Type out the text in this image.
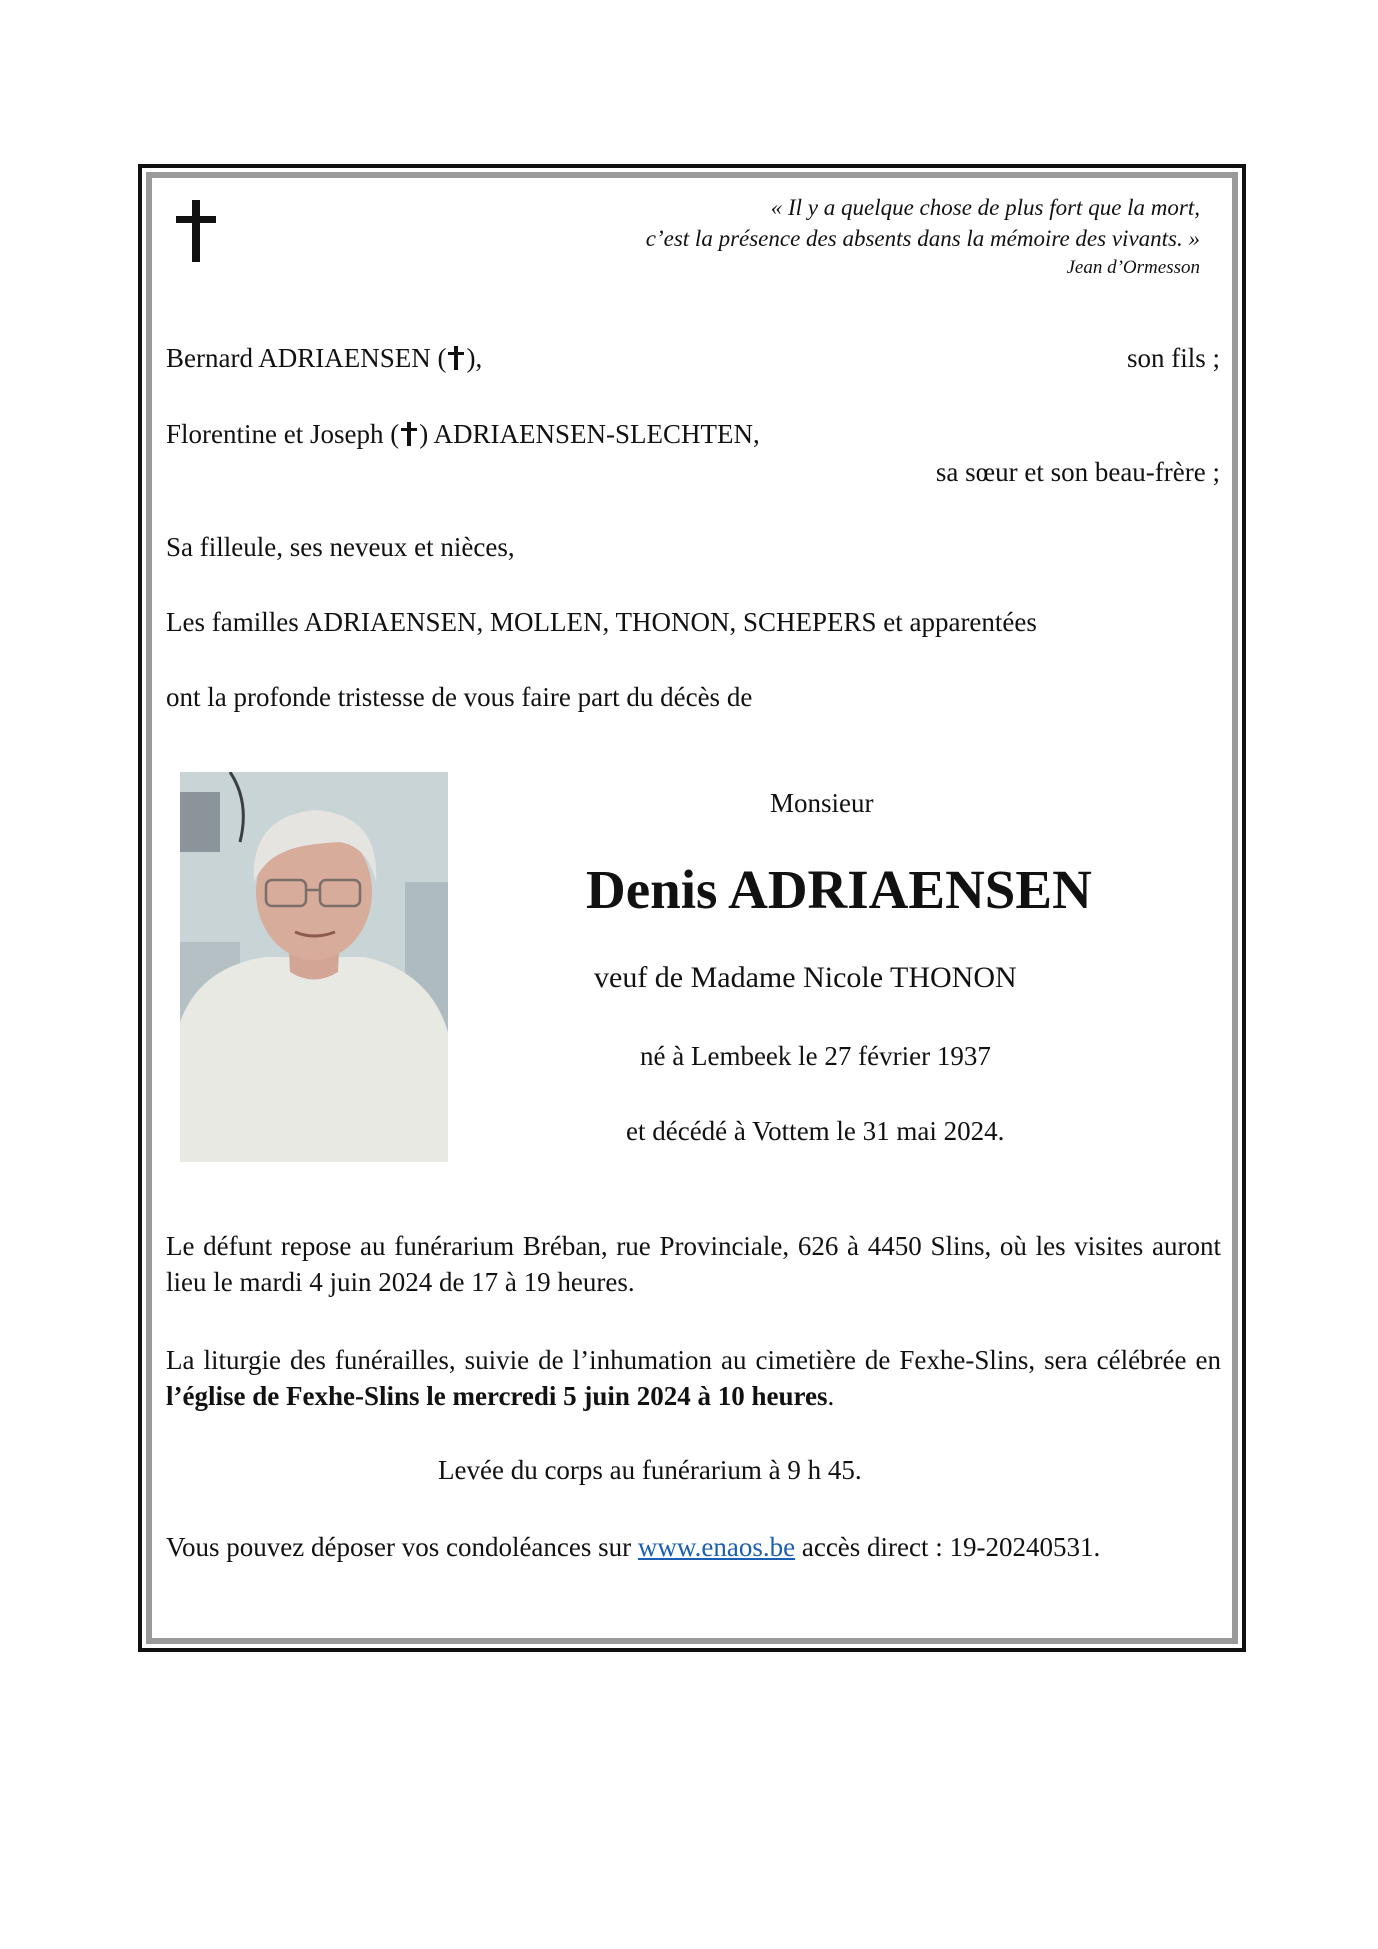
« Il y a quelque chose de plus fort que la mort,
c’est la présence des absents dans la mémoire des vivants. »
Jean d’Ormesson
Bernard ADRIAENSEN ( ),	son fils ;
Florentine et Joseph ( ) ADRIAENSEN-SLECHTEN,
sa sœur et son beau-frère ;
Sa filleule, ses neveux et nièces,
Les familles ADRIAENSEN, MOLLEN, THONON, SCHEPERS et apparentées
ont la profonde tristesse de vous faire part du décès de
Monsieur
Denis ADRIAENSEN
veuf de Madame Nicole THONON
né à Lembeek le 27 février 1937
et décédé à Vottem le 31 mai 2024.
Le défunt repose au funérarium Bréban, rue Provinciale, 626 à 4450 Slins, où les visites auront lieu le mardi 4 juin 2024 de 17 à 19 heures.
La liturgie des funérailles, suivie de l’inhumation au cimetière de Fexhe-Slins, sera célébrée en l’église de Fexhe-Slins le mercredi 5 juin 2024 à 10 heures.
Levée du corps au funérarium à 9 h 45.
Vous pouvez déposer vos condoléances sur www.enaos.be accès direct : 19-20240531.
